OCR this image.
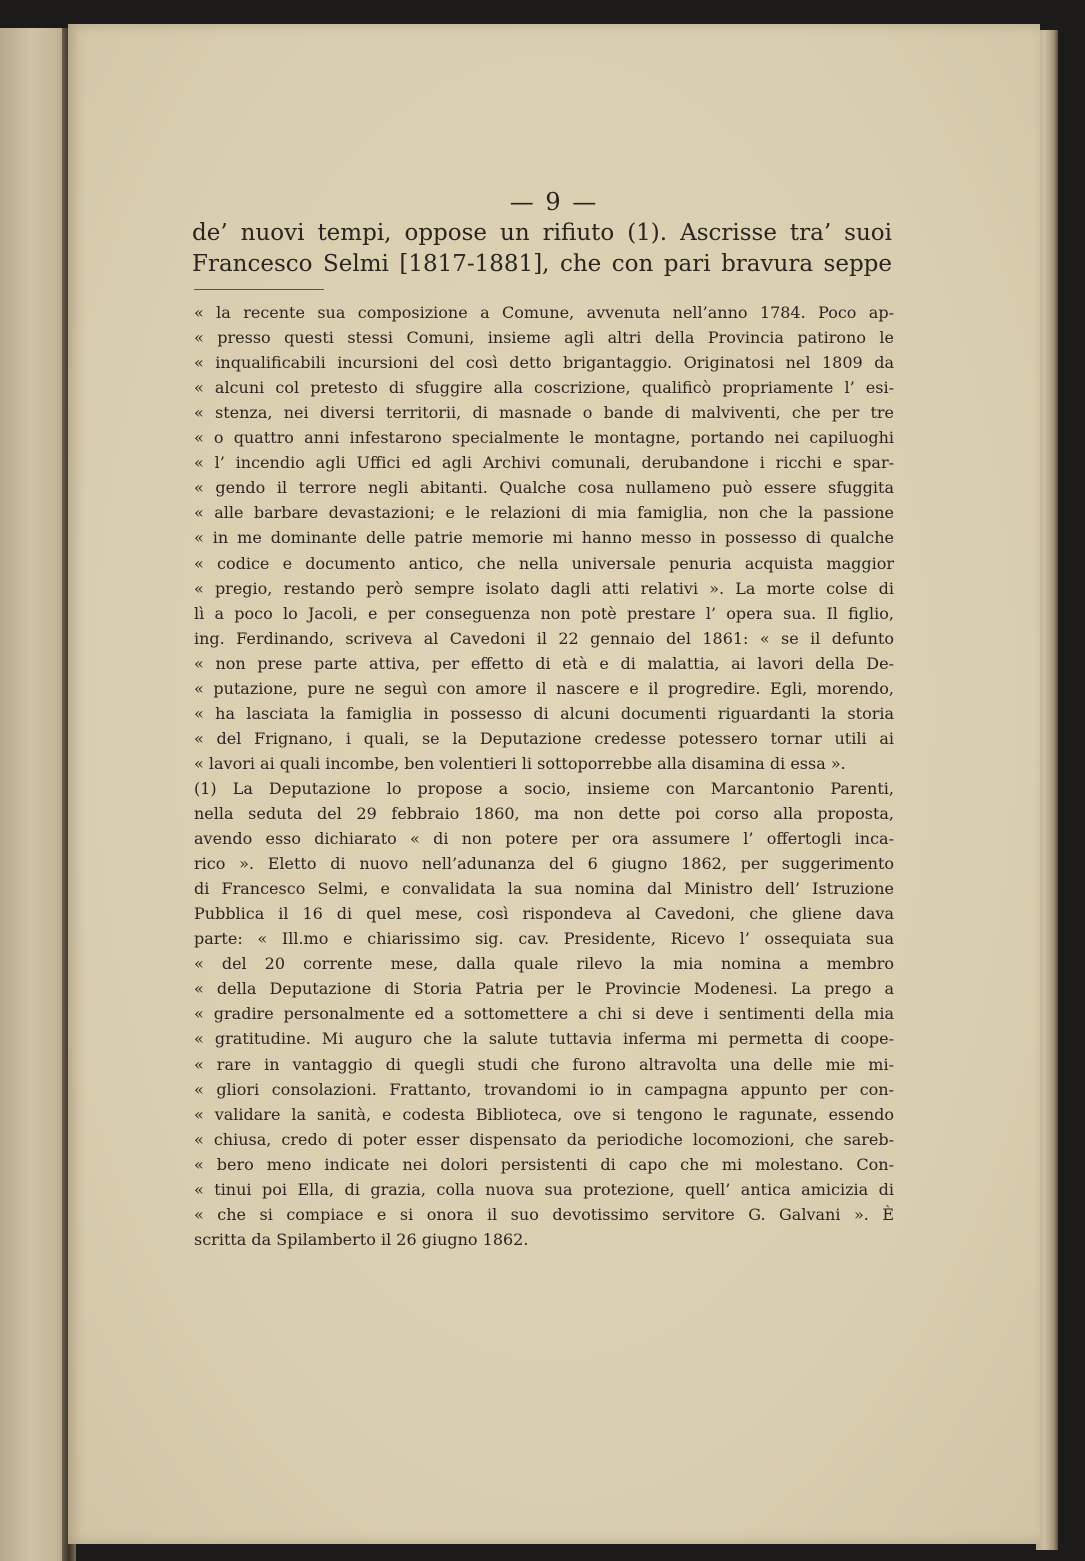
— 9 —
de’ nuovi tempi, oppose un rifiuto (1). Ascrisse tra’ suoi
Francesco Selmi [1817-1881], che con pari bravura seppe
« la recente sua composizione a Comune, avvenuta nell’anno 1784. Poco ap-
« presso questi stessi Comuni, insieme agli altri della Provincia patirono le
« inqualificabili incursioni del così detto brigantaggio. Originatosi nel 1809 da
« alcuni col pretesto di sfuggire alla coscrizione, qualificò propriamente l’ esi-
« stenza, nei diversi territorii, di masnade o bande di malviventi, che per tre
« o quattro anni infestarono specialmente le montagne, portando nei capiluoghi
« l’ incendio agli Uffici ed agli Archivi comunali, derubandone i ricchi e spar-
« gendo il terrore negli abitanti. Qualche cosa nullameno può essere sfuggita
« alle barbare devastazioni; e le relazioni di mia famiglia, non che la passione
« in me dominante delle patrie memorie mi hanno messo in possesso di qualche
« codice e documento antico, che nella universale penuria acquista maggior
« pregio, restando però sempre isolato dagli atti relativi ». La morte colse di
lì a poco lo Jacoli, e per conseguenza non potè prestare l’ opera sua. Il figlio,
ing. Ferdinando, scriveva al Cavedoni il 22 gennaio del 1861: « se il defunto
« non prese parte attiva, per effetto di età e di malattia, ai lavori della De-
« putazione, pure ne seguì con amore il nascere e il progredire. Egli, morendo,
« ha lasciata la famiglia in possesso di alcuni documenti riguardanti la storia
« del Frignano, i quali, se la Deputazione credesse potessero tornar utili ai
« lavori ai quali incombe, ben volentieri li sottoporrebbe alla disamina di essa ».
(1) La Deputazione lo propose a socio, insieme con Marcantonio Parenti,
nella seduta del 29 febbraio 1860, ma non dette poi corso alla proposta,
avendo esso dichiarato « di non potere per ora assumere l’ offertogli inca-
rico ». Eletto di nuovo nell’adunanza del 6 giugno 1862, per suggerimento
di Francesco Selmi, e convalidata la sua nomina dal Ministro dell’ Istruzione
Pubblica il 16 di quel mese, così rispondeva al Cavedoni, che gliene dava
parte: « Ill.mo e chiarissimo sig. cav. Presidente, Ricevo l’ ossequiata sua
« del 20 corrente mese, dalla quale rilevo la mia nomina a membro
« della Deputazione di Storia Patria per le Provincie Modenesi. La prego a
« gradire personalmente ed a sottomettere a chi si deve i sentimenti della mia
« gratitudine. Mi auguro che la salute tuttavia inferma mi permetta di coope-
« rare in vantaggio di quegli studi che furono altravolta una delle mie mi-
« gliori consolazioni. Frattanto, trovandomi io in campagna appunto per con-
« validare la sanità, e codesta Biblioteca, ove si tengono le ragunate, essendo
« chiusa, credo di poter esser dispensato da periodiche locomozioni, che sareb-
« bero meno indicate nei dolori persistenti di capo che mi molestano. Con-
« tinui poi Ella, di grazia, colla nuova sua protezione, quell’ antica amicizia di
« che si compiace e si onora il suo devotissimo servitore G. Galvani ». È
scritta da Spilamberto il 26 giugno 1862.
